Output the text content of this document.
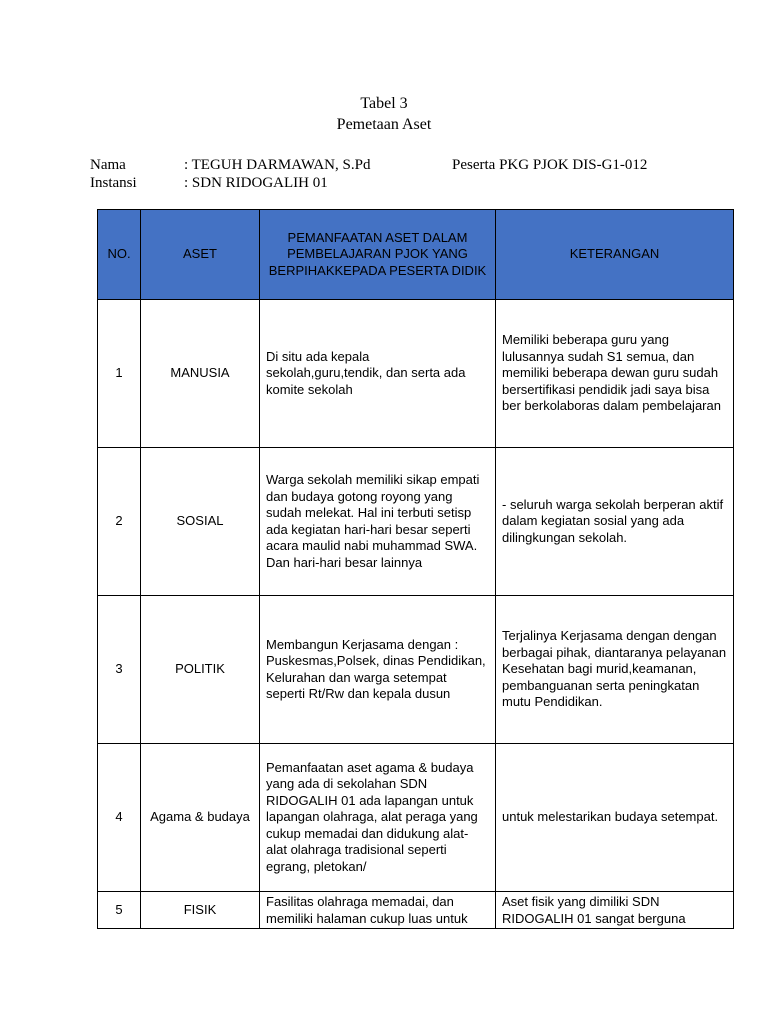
Tabel 3
Pemetaan Aset
Nama	: TEGUH DARMAWAN, S.Pd	Peserta PKG PJOK DIS-G1-012
Instansi	: SDN RIDOGALIH 01
NO.	ASET	PEMANFAATAN ASET DALAM PEMBELAJARAN PJOK YANG BERPIHAKKEPADA PESERTA DIDIK	KETERANGAN
1	MANUSIA	Di situ ada kepala sekolah,guru,tendik, dan serta ada komite sekolah	Memiliki beberapa guru yang lulusannya sudah S1 semua, dan memiliki beberapa dewan guru sudah bersertifikasi pendidik jadi saya bisa ber berkolaboras dalam pembelajaran
2	SOSIAL	Warga sekolah memiliki sikap empati dan budaya gotong royong yang sudah melekat. Hal ini terbuti setisp ada kegiatan hari-hari besar seperti acara maulid nabi muhammad SWA. Dan hari-hari besar lainnya	- seluruh warga sekolah berperan aktif dalam kegiatan sosial yang ada dilingkungan sekolah.
3	POLITIK	Membangun Kerjasama dengan : Puskesmas,Polsek, dinas Pendidikan, Kelurahan dan warga setempat seperti Rt/Rw dan kepala dusun	Terjalinya Kerjasama dengan dengan berbagai pihak, diantaranya pelayanan Kesehatan bagi murid,keamanan, pembanguanan serta peningkatan mutu Pendidikan.
4	Agama & budaya	Pemanfaatan aset agama & budaya yang ada di sekolahan SDN RIDOGALIH 01 ada lapangan untuk lapangan olahraga, alat peraga yang cukup memadai dan didukung alat-alat olahraga tradisional seperti egrang, pletokan/	untuk melestarikan budaya setempat.
5	FISIK	Fasilitas olahraga memadai, dan memiliki halaman cukup luas untuk	Aset fisik yang dimiliki SDN RIDOGALIH 01 sangat berguna
